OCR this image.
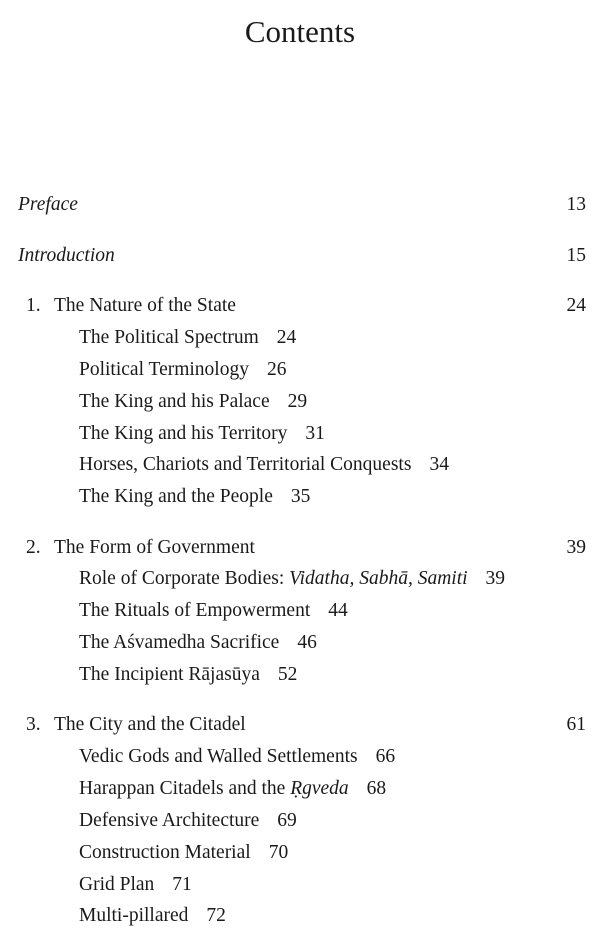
Contents
Preface	13
Introduction	15
1. The Nature of the State	24
The Political Spectrum 24
Political Terminology 26
The King and his Palace 29
The King and his Territory 31
Horses, Chariots and Territorial Conquests 34
The King and the People 35
2. The Form of Government	39
Role of Corporate Bodies: Vidatha, Sabhā, Samiti 39
The Rituals of Empowerment 44
The Aśvamedha Sacrifice 46
The Incipient Rājasūya 52
3. The City and the Citadel	61
Vedic Gods and Walled Settlements 66
Harappan Citadels and the Ṛgveda 68
Defensive Architecture 69
Construction Material 70
Grid Plan 71
Multi-pillared 72
